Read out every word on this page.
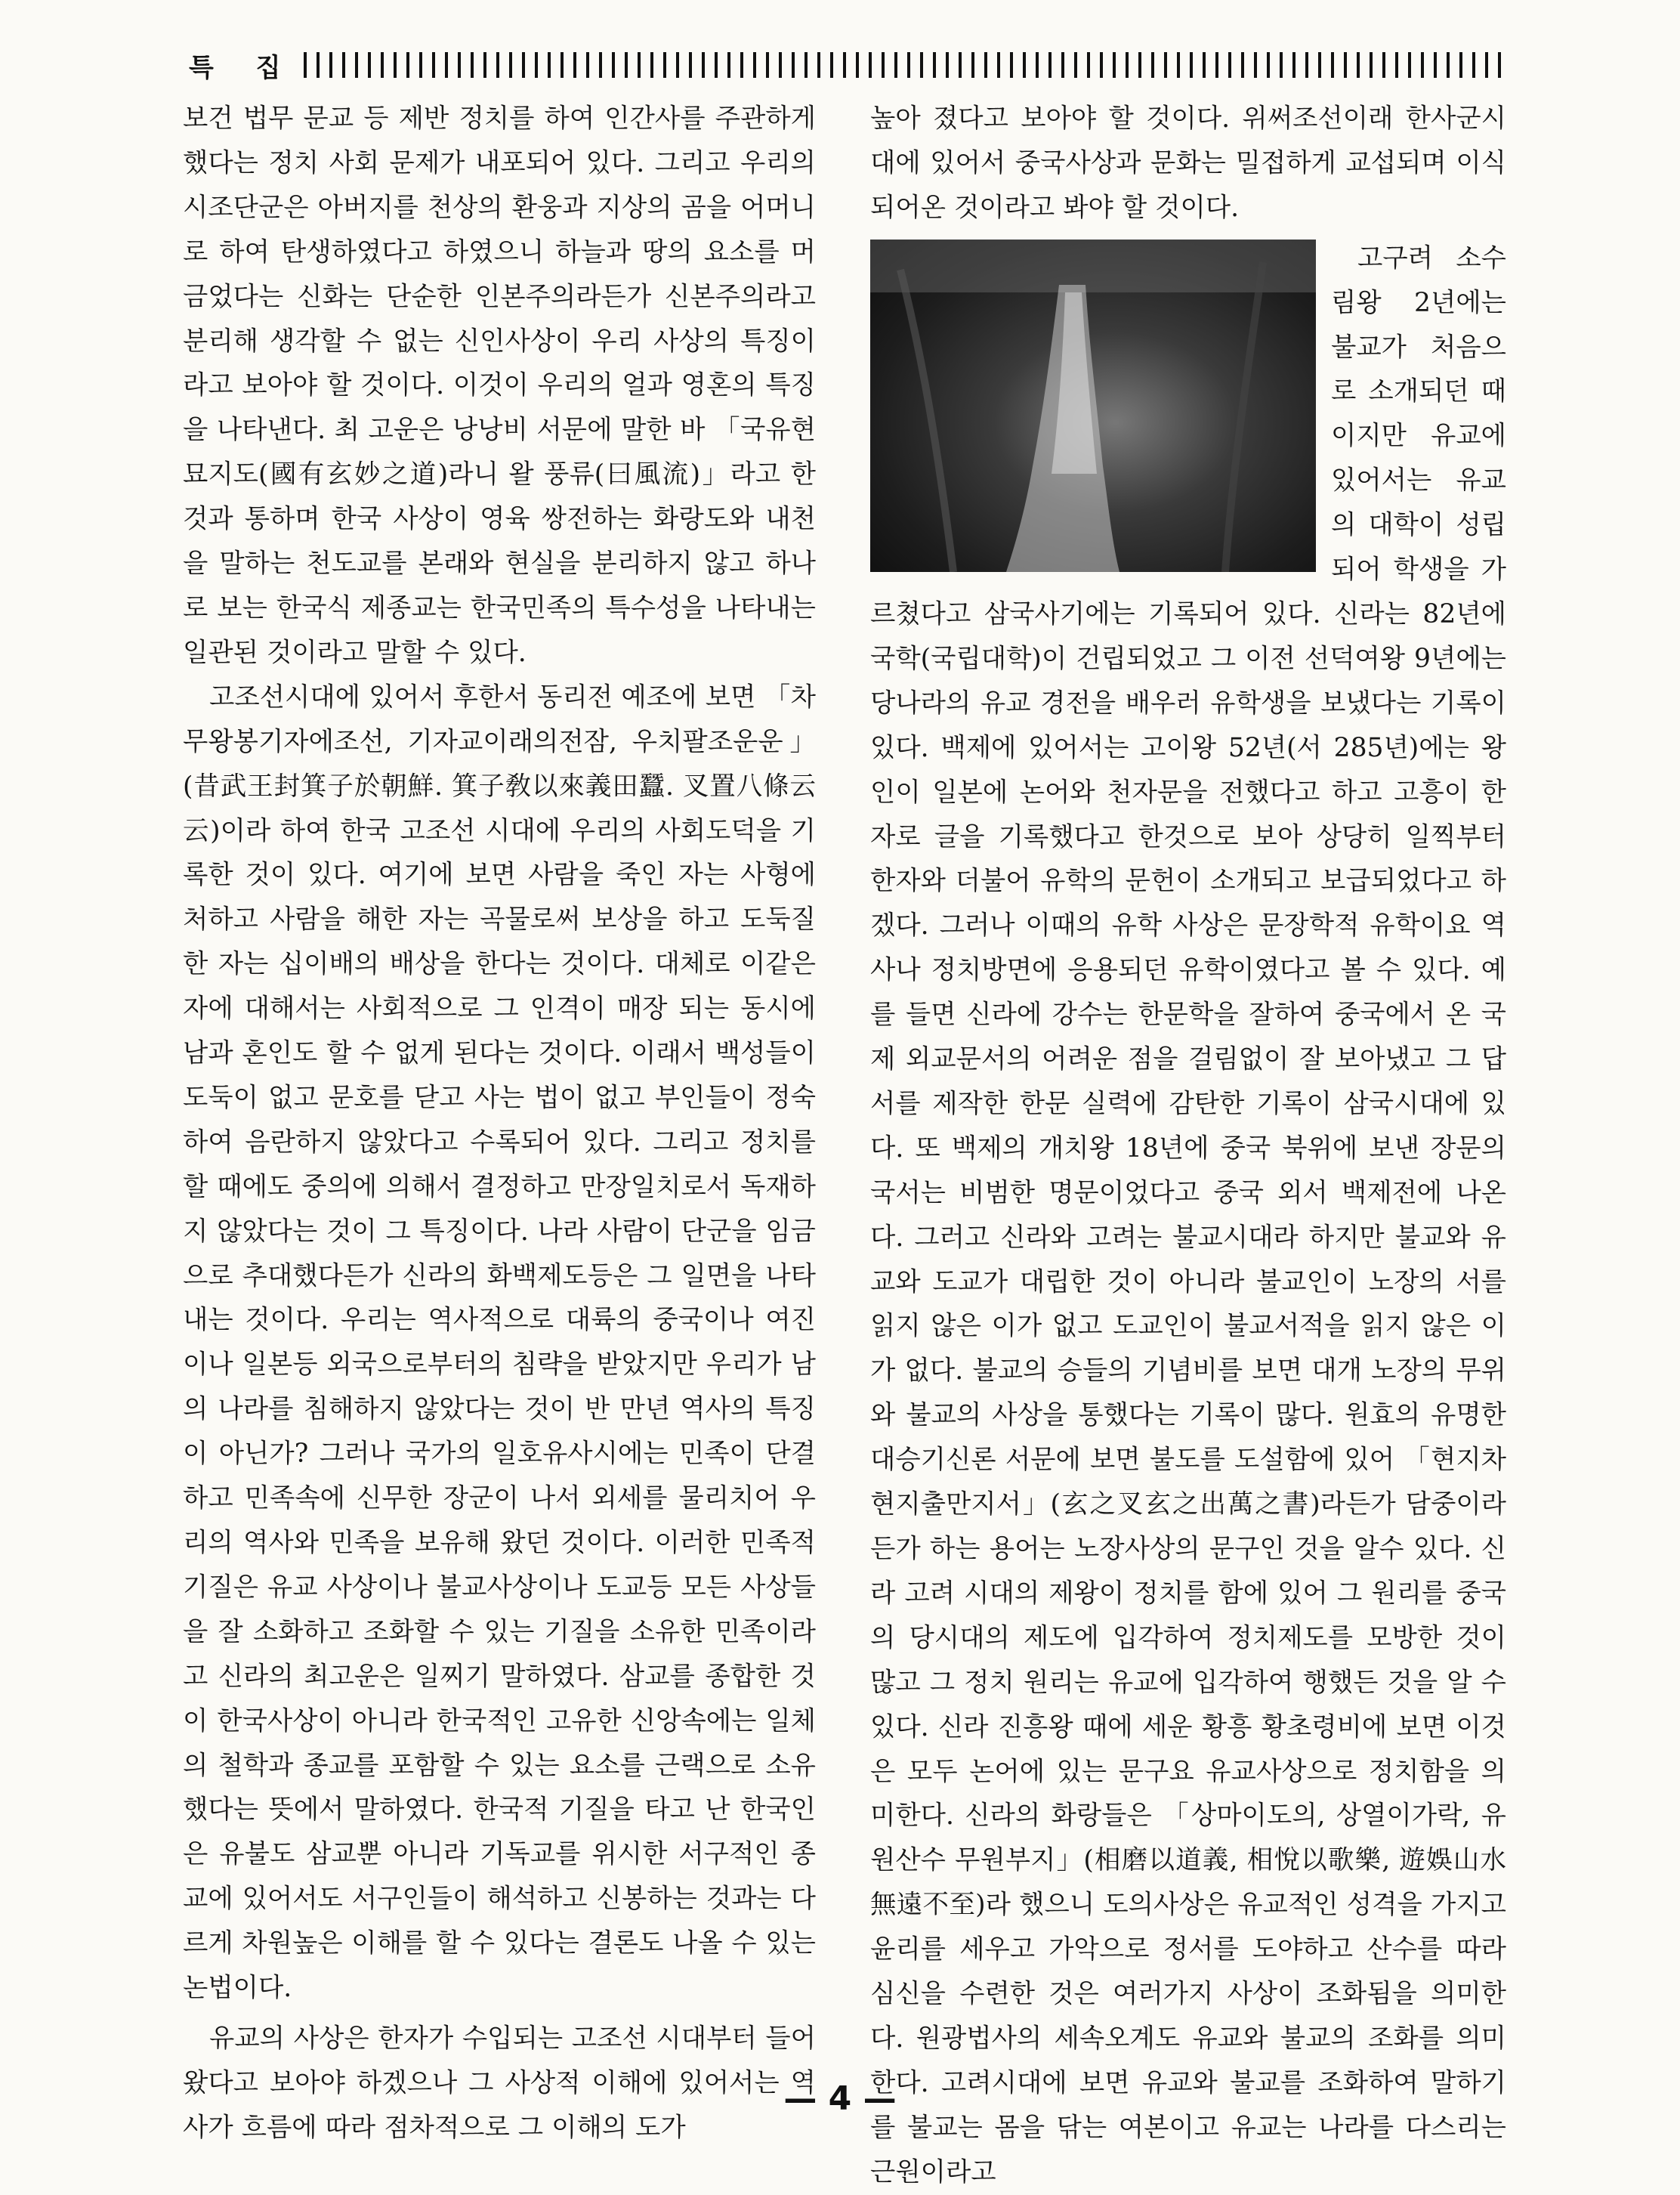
특 집

보건 법무 문교 등 제반 정치를 하여 인간사를 주관하게 했다는 정치 사회 문제가 내포되어 있다. 그리고 우리의 시조단군은 아버지를 천상의 환웅과 지상의 곰을 어머니로 하여 탄생하였다고 하였으니 하늘과 땅의 요소를 머금었다는 신화는 단순한 인본주의라든가 신본주의라고 분리해 생각할 수 없는 신인사상이 우리 사상의 특징이라고 보아야 할 것이다. 이것이 우리의 얼과 영혼의 특징을 나타낸다. 최 고운은 낭낭비 서문에 말한 바 「국유현묘지도(國有玄妙之道)라니 왈 풍류(曰風流)」라고 한 것과 통하며 한국 사상이 영육 쌍전하는 화랑도와 내천을 말하는 천도교를 본래와 현실을 분리하지 않고 하나로 보는 한국식 제종교는 한국민족의 특수성을 나타내는 일관된 것이라고 말할 수 있다.

고조선시대에 있어서 후한서 동리전 예조에 보면 「차무왕봉기자에조선, 기자교이래의전잠, 우치팔조운운」(昔武王封箕子於朝鮮. 箕子敎以來義田蠶. 叉置八條云云)이라 하여 한국 고조선 시대에 우리의 사회도덕을 기록한 것이 있다. 여기에 보면 사람을 죽인 자는 사형에 처하고 사람을 해한 자는 곡물로써 보상을 하고 도둑질한 자는 십이배의 배상을 한다는 것이다. 대체로 이같은 자에 대해서는 사회적으로 그 인격이 매장 되는 동시에 남과 혼인도 할 수 없게 된다는 것이다. 이래서 백성들이 도둑이 없고 문호를 닫고 사는 법이 없고 부인들이 정숙하여 음란하지 않았다고 수록되어 있다. 그리고 정치를 할 때에도 중의에 의해서 결정하고 만장일치로서 독재하지 않았다는 것이 그 특징이다. 나라 사람이 단군을 임금으로 추대했다든가 신라의 화백제도등은 그 일면을 나타내는 것이다. 우리는 역사적으로 대륙의 중국이나 여진이나 일본등 외국으로부터의 침략을 받았지만 우리가 남의 나라를 침해하지 않았다는 것이 반 만년 역사의 특징이 아닌가? 그러나 국가의 일호유사시에는 민족이 단결하고 민족속에 신무한 장군이 나서 외세를 물리치어 우리의 역사와 민족을 보유해 왔던 것이다. 이러한 민족적 기질은 유교 사상이나 불교사상이나 도교등 모든 사상들을 잘 소화하고 조화할 수 있는 기질을 소유한 민족이라고 신라의 최고운은 일찌기 말하였다. 삼교를 종합한 것이 한국사상이 아니라 한국적인 고유한 신앙속에는 일체의 철학과 종교를 포함할 수 있는 요소를 근랙으로 소유했다는 뜻에서 말하였다. 한국적 기질을 타고 난 한국인은 유불도 삼교뿐 아니라 기독교를 위시한 서구적인 종교에 있어서도 서구인들이 해석하고 신봉하는 것과는 다르게 차원높은 이해를 할 수 있다는 결론도 나올 수 있는 논법이다.

유교의 사상은 한자가 수입되는 고조선 시대부터 들어 왔다고 보아야 하겠으나 그 사상적 이해에 있어서는 역사가 흐름에 따라 점차적으로 그 이해의 도가

높아 졌다고 보아야 할 것이다. 위써조선이래 한사군시대에 있어서 중국사상과 문화는 밀접하게 교섭되며 이식되어온 것이라고 봐야 할 것이다.

고구려 소수림왕 2년에는 불교가 처음으로 소개되던 때이지만 유교에 있어서는 유교의 대학이 성립되어 학생을 가르쳤다고 삼국사기에는 기록되어 있다. 신라는 82년에 국학(국립대학)이 건립되었고 그 이전 선덕여왕 9년에는 당나라의 유교 경전을 배우러 유학생을 보냈다는 기록이 있다. 백제에 있어서는 고이왕 52년(서 285년)에는 왕인이 일본에 논어와 천자문을 전했다고 하고 고흥이 한자로 글을 기록했다고 한것으로 보아 상당히 일찍부터 한자와 더불어 유학의 문헌이 소개되고 보급되었다고 하겠다. 그러나 이때의 유학 사상은 문장학적 유학이요 역사나 정치방면에 응용되던 유학이였다고 볼 수 있다. 예를 들면 신라에 강수는 한문학을 잘하여 중국에서 온 국제 외교문서의 어려운 점을 걸림없이 잘 보아냈고 그 답서를 제작한 한문 실력에 감탄한 기록이 삼국시대에 있다. 또 백제의 개치왕 18년에 중국 북위에 보낸 장문의 국서는 비범한 명문이었다고 중국 외서 백제전에 나온다. 그러고 신라와 고려는 불교시대라 하지만 불교와 유교와 도교가 대립한 것이 아니라 불교인이 노장의 서를 읽지 않은 이가 없고 도교인이 불교서적을 읽지 않은 이가 없다. 불교의 승들의 기념비를 보면 대개 노장의 무위와 불교의 사상을 통했다는 기록이 많다. 원효의 유명한 대승기신론 서문에 보면 불도를 도설함에 있어 「현지차현지출만지서」(玄之叉玄之出萬之書)라든가 담중이라든가 하는 용어는 노장사상의 문구인 것을 알수 있다. 신라 고려 시대의 제왕이 정치를 함에 있어 그 원리를 중국의 당시대의 제도에 입각하여 정치제도를 모방한 것이 많고 그 정치 원리는 유교에 입각하여 행했든 것을 알 수 있다. 신라 진흥왕 때에 세운 황흥 황초령비에 보면 이것은 모두 논어에 있는 문구요 유교사상으로 정치함을 의미한다. 신라의 화랑들은 「상마이도의, 상열이가락, 유원산수 무원부지」(相磨以道義, 相悅以歌樂, 遊娛山水 無遠不至)라 했으니 도의사상은 유교적인 성격을 가지고 윤리를 세우고 가악으로 정서를 도야하고 산수를 따라 심신을 수련한 것은 여러가지 사상이 조화됨을 의미한다. 원광법사의 세속오계도 유교와 불교의 조화를 의미한다. 고려시대에 보면 유교와 불교를 조화하여 말하기를 불교는 몸을 닦는 여본이고 유교는 나라를 다스리는 근원이라고

— 4 —
